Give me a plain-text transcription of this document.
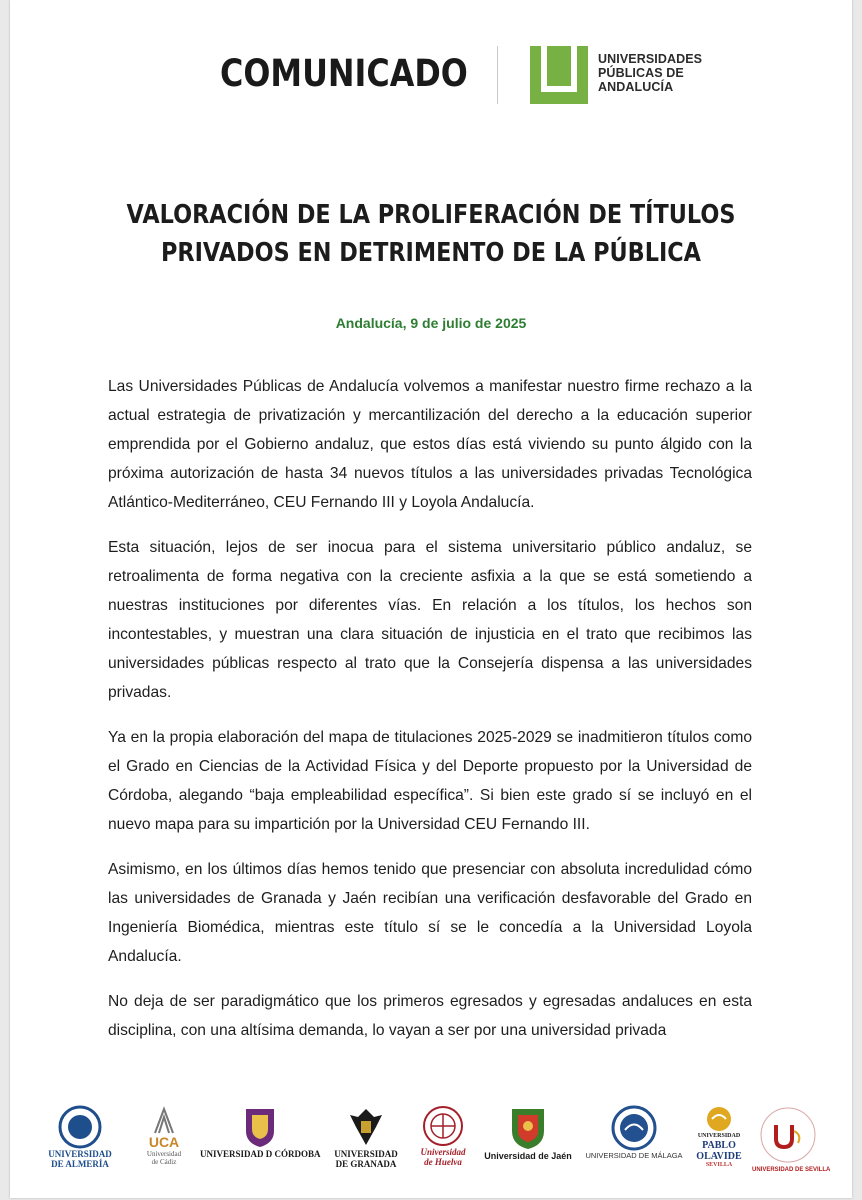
COMUNICADO	UNIVERSIDADES
PÚBLICAS DE
ANDALUCÍA
VALORACIÓN DE LA PROLIFERACIÓN DE TÍTULOS
PRIVADOS EN DETRIMENTO DE LA PÚBLICA
Andalucía, 9 de julio de 2025

Las Universidades Públicas de Andalucía volvemos a manifestar nuestro firme rechazo a la actual estrategia de privatización y mercantilización del derecho a la educación superior emprendida por el Gobierno andaluz, que estos días está viviendo su punto álgido con la próxima autorización de hasta 34 nuevos títulos a las universidades privadas Tecnológica Atlántico-Mediterráneo, CEU Fernando III y Loyola Andalucía.

Esta situación, lejos de ser inocua para el sistema universitario público andaluz, se retroalimenta de forma negativa con la creciente asfixia a la que se está sometiendo a nuestras instituciones por diferentes vías. En relación a los títulos, los hechos son incontestables, y muestran una clara situación de injusticia en el trato que recibimos las universidades públicas respecto al trato que la Consejería dispensa a las universidades privadas.

Ya en la propia elaboración del mapa de titulaciones 2025-2029 se inadmitieron títulos como el Grado en Ciencias de la Actividad Física y del Deporte propuesto por la Universidad de Córdoba, alegando “baja empleabilidad específica”. Si bien este grado sí se incluyó en el nuevo mapa para su impartición por la Universidad CEU Fernando III.

Asimismo, en los últimos días hemos tenido que presenciar con absoluta incredulidad cómo las universidades de Granada y Jaén recibían una verificación desfavorable del Grado en Ingeniería Biomédica, mientras este título sí se le concedía a la Universidad Loyola Andalucía.

No deja de ser paradigmático que los primeros egresados y egresadas andaluces en esta disciplina, con una altísima demanda, lo vayan a ser por una universidad privada

UNIVERSIDAD
DE ALMERÍA
UCA
Universidad
de Cádiz
UNIVERSIDAD D CÓRDOBA	UNIVERSIDAD
DE GRANADA
Universidad
de Huelva
Universidad de Jaén	UNIVERSIDAD DE MÁLAGA
UNIVERSIDAD
PABLO
OLAVIDE
SEVILLA
UNIVERSIDAD DE SEVILLA
